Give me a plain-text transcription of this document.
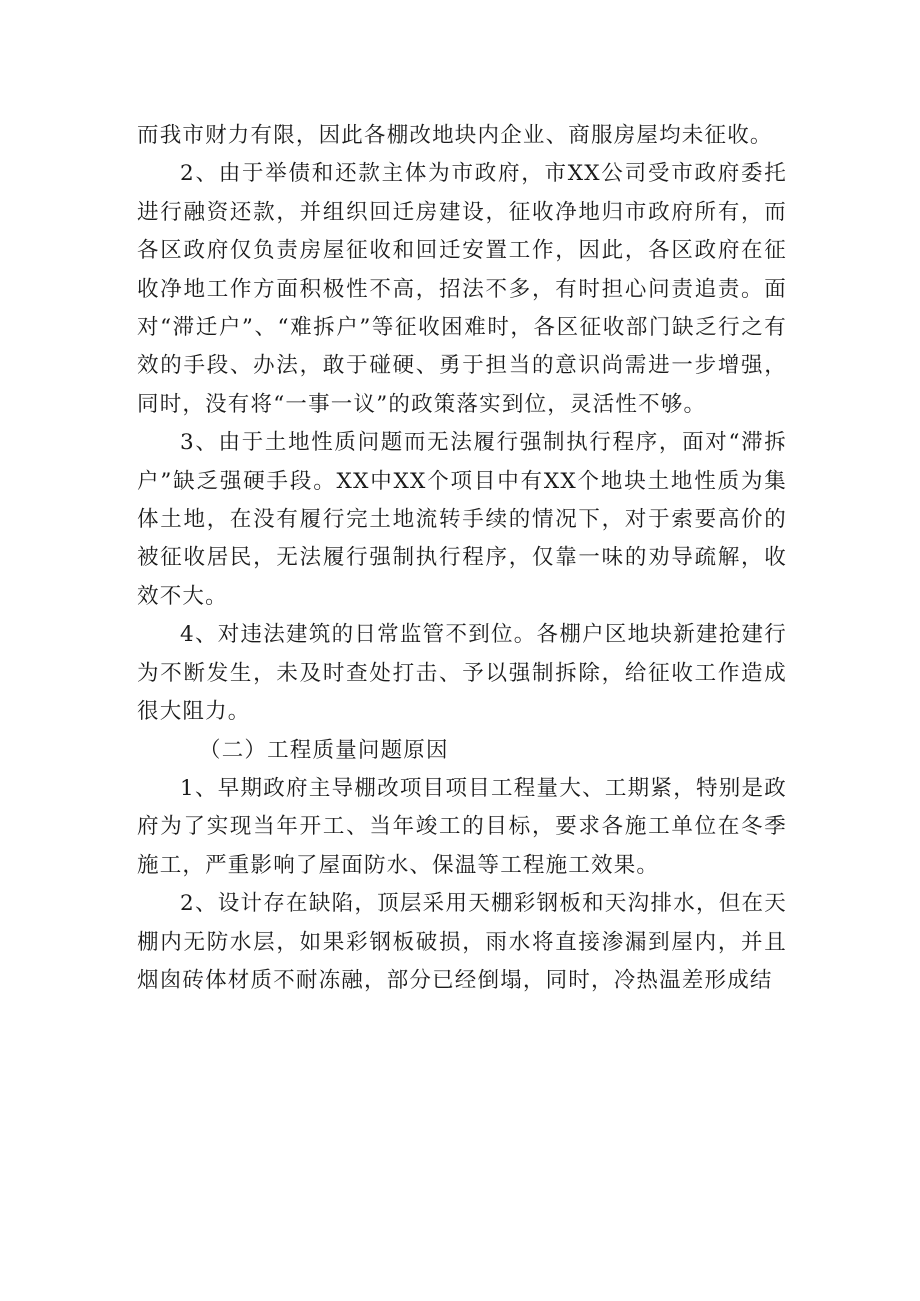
而我市财力有限，因此各棚改地块内企业、商服房屋均未征收。

2、由于举债和还款主体为市政府，市XX公司受市政府委托进行融资还款，并组织回迁房建设，征收净地归市政府所有，而各区政府仅负责房屋征收和回迁安置工作，因此，各区政府在征收净地工作方面积极性不高，招法不多，有时担心问责追责。面对“滞迁户”、“难拆户”等征收困难时，各区征收部门缺乏行之有效的手段、办法，敢于碰硬、勇于担当的意识尚需进一步增强，同时，没有将“一事一议”的政策落实到位，灵活性不够。

3、由于土地性质问题而无法履行强制执行程序，面对“滞拆户”缺乏强硬手段。XX中XX个项目中有XX个地块土地性质为集体土地，在没有履行完土地流转手续的情况下，对于索要高价的被征收居民，无法履行强制执行程序，仅靠一味的劝导疏解，收效不大。

4、对违法建筑的日常监管不到位。各棚户区地块新建抢建行为不断发生，未及时查处打击、予以强制拆除，给征收工作造成很大阻力。

（二）工程质量问题原因

1、早期政府主导棚改项目项目工程量大、工期紧，特别是政府为了实现当年开工、当年竣工的目标，要求各施工单位在冬季施工，严重影响了屋面防水、保温等工程施工效果。

2、设计存在缺陷，顶层采用天棚彩钢板和天沟排水，但在天棚内无防水层，如果彩钢板破损，雨水将直接渗漏到屋内，并且烟囱砖体材质不耐冻融，部分已经倒塌，同时，冷热温差形成结
